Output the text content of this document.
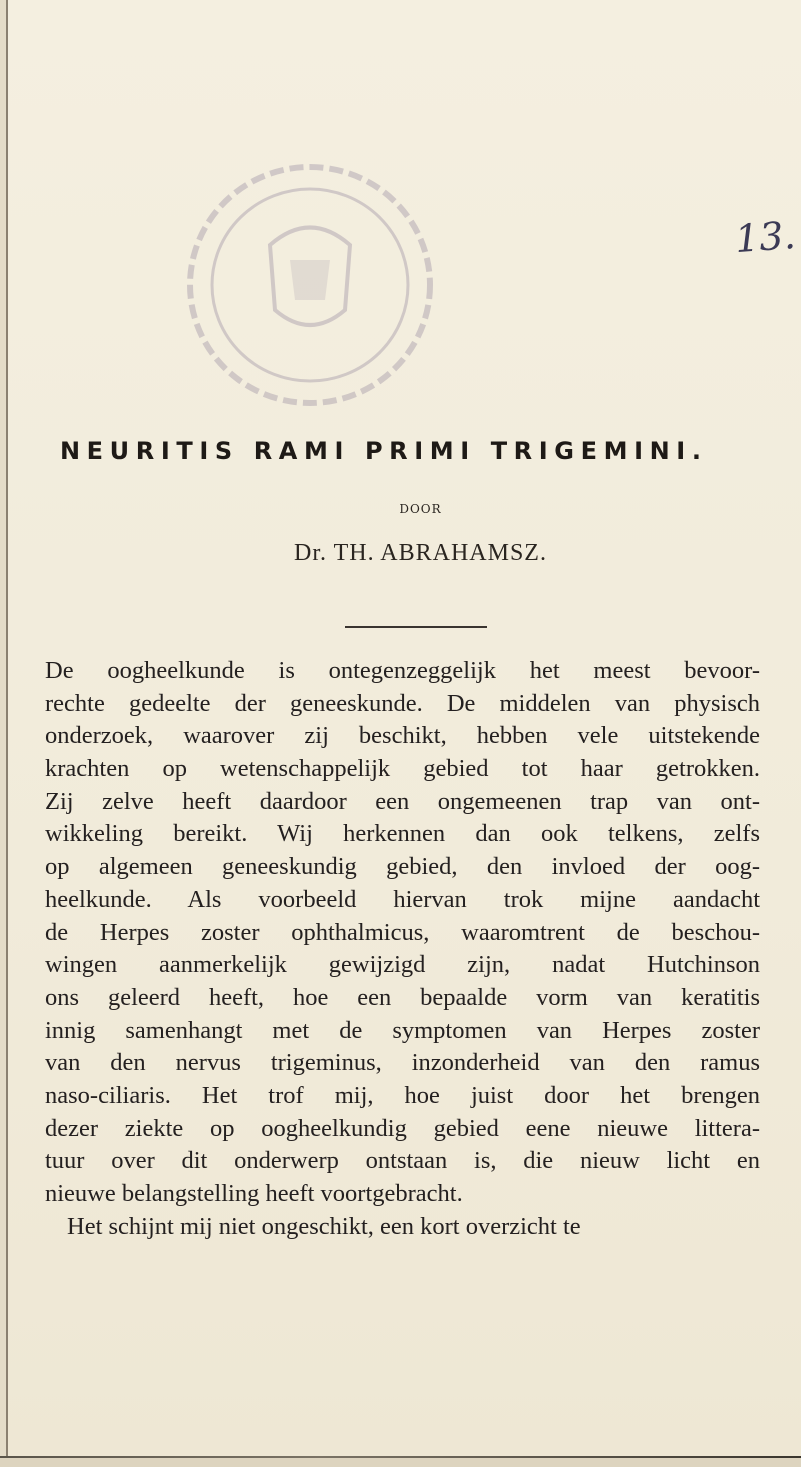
13.
NEURITIS RAMI PRIMI TRIGEMINI.
DOOR
Dr. TH. ABRAHAMSZ.
De oogheelkunde is ontegenzeggelijk het meest bevoor-
rechte gedeelte der geneeskunde. De middelen van physisch
onderzoek, waarover zij beschikt, hebben vele uitstekende
krachten op wetenschappelijk gebied tot haar getrokken.
Zij zelve heeft daardoor een ongemeenen trap van ont-
wikkeling bereikt. Wij herkennen dan ook telkens, zelfs
op algemeen geneeskundig gebied, den invloed der oog-
heelkunde. Als voorbeeld hiervan trok mijne aandacht
de Herpes zoster ophthalmicus, waaromtrent de beschou-
wingen aanmerkelijk gewijzigd zijn, nadat Hutchinson
ons geleerd heeft, hoe een bepaalde vorm van keratitis
innig samenhangt met de symptomen van Herpes zoster
van den nervus trigeminus, inzonderheid van den ramus
naso-ciliaris. Het trof mij, hoe juist door het brengen
dezer ziekte op oogheelkundig gebied eene nieuwe littera-
tuur over dit onderwerp ontstaan is, die nieuw licht en
nieuwe belangstelling heeft voortgebracht.
Het schijnt mij niet ongeschikt, een kort overzicht te
